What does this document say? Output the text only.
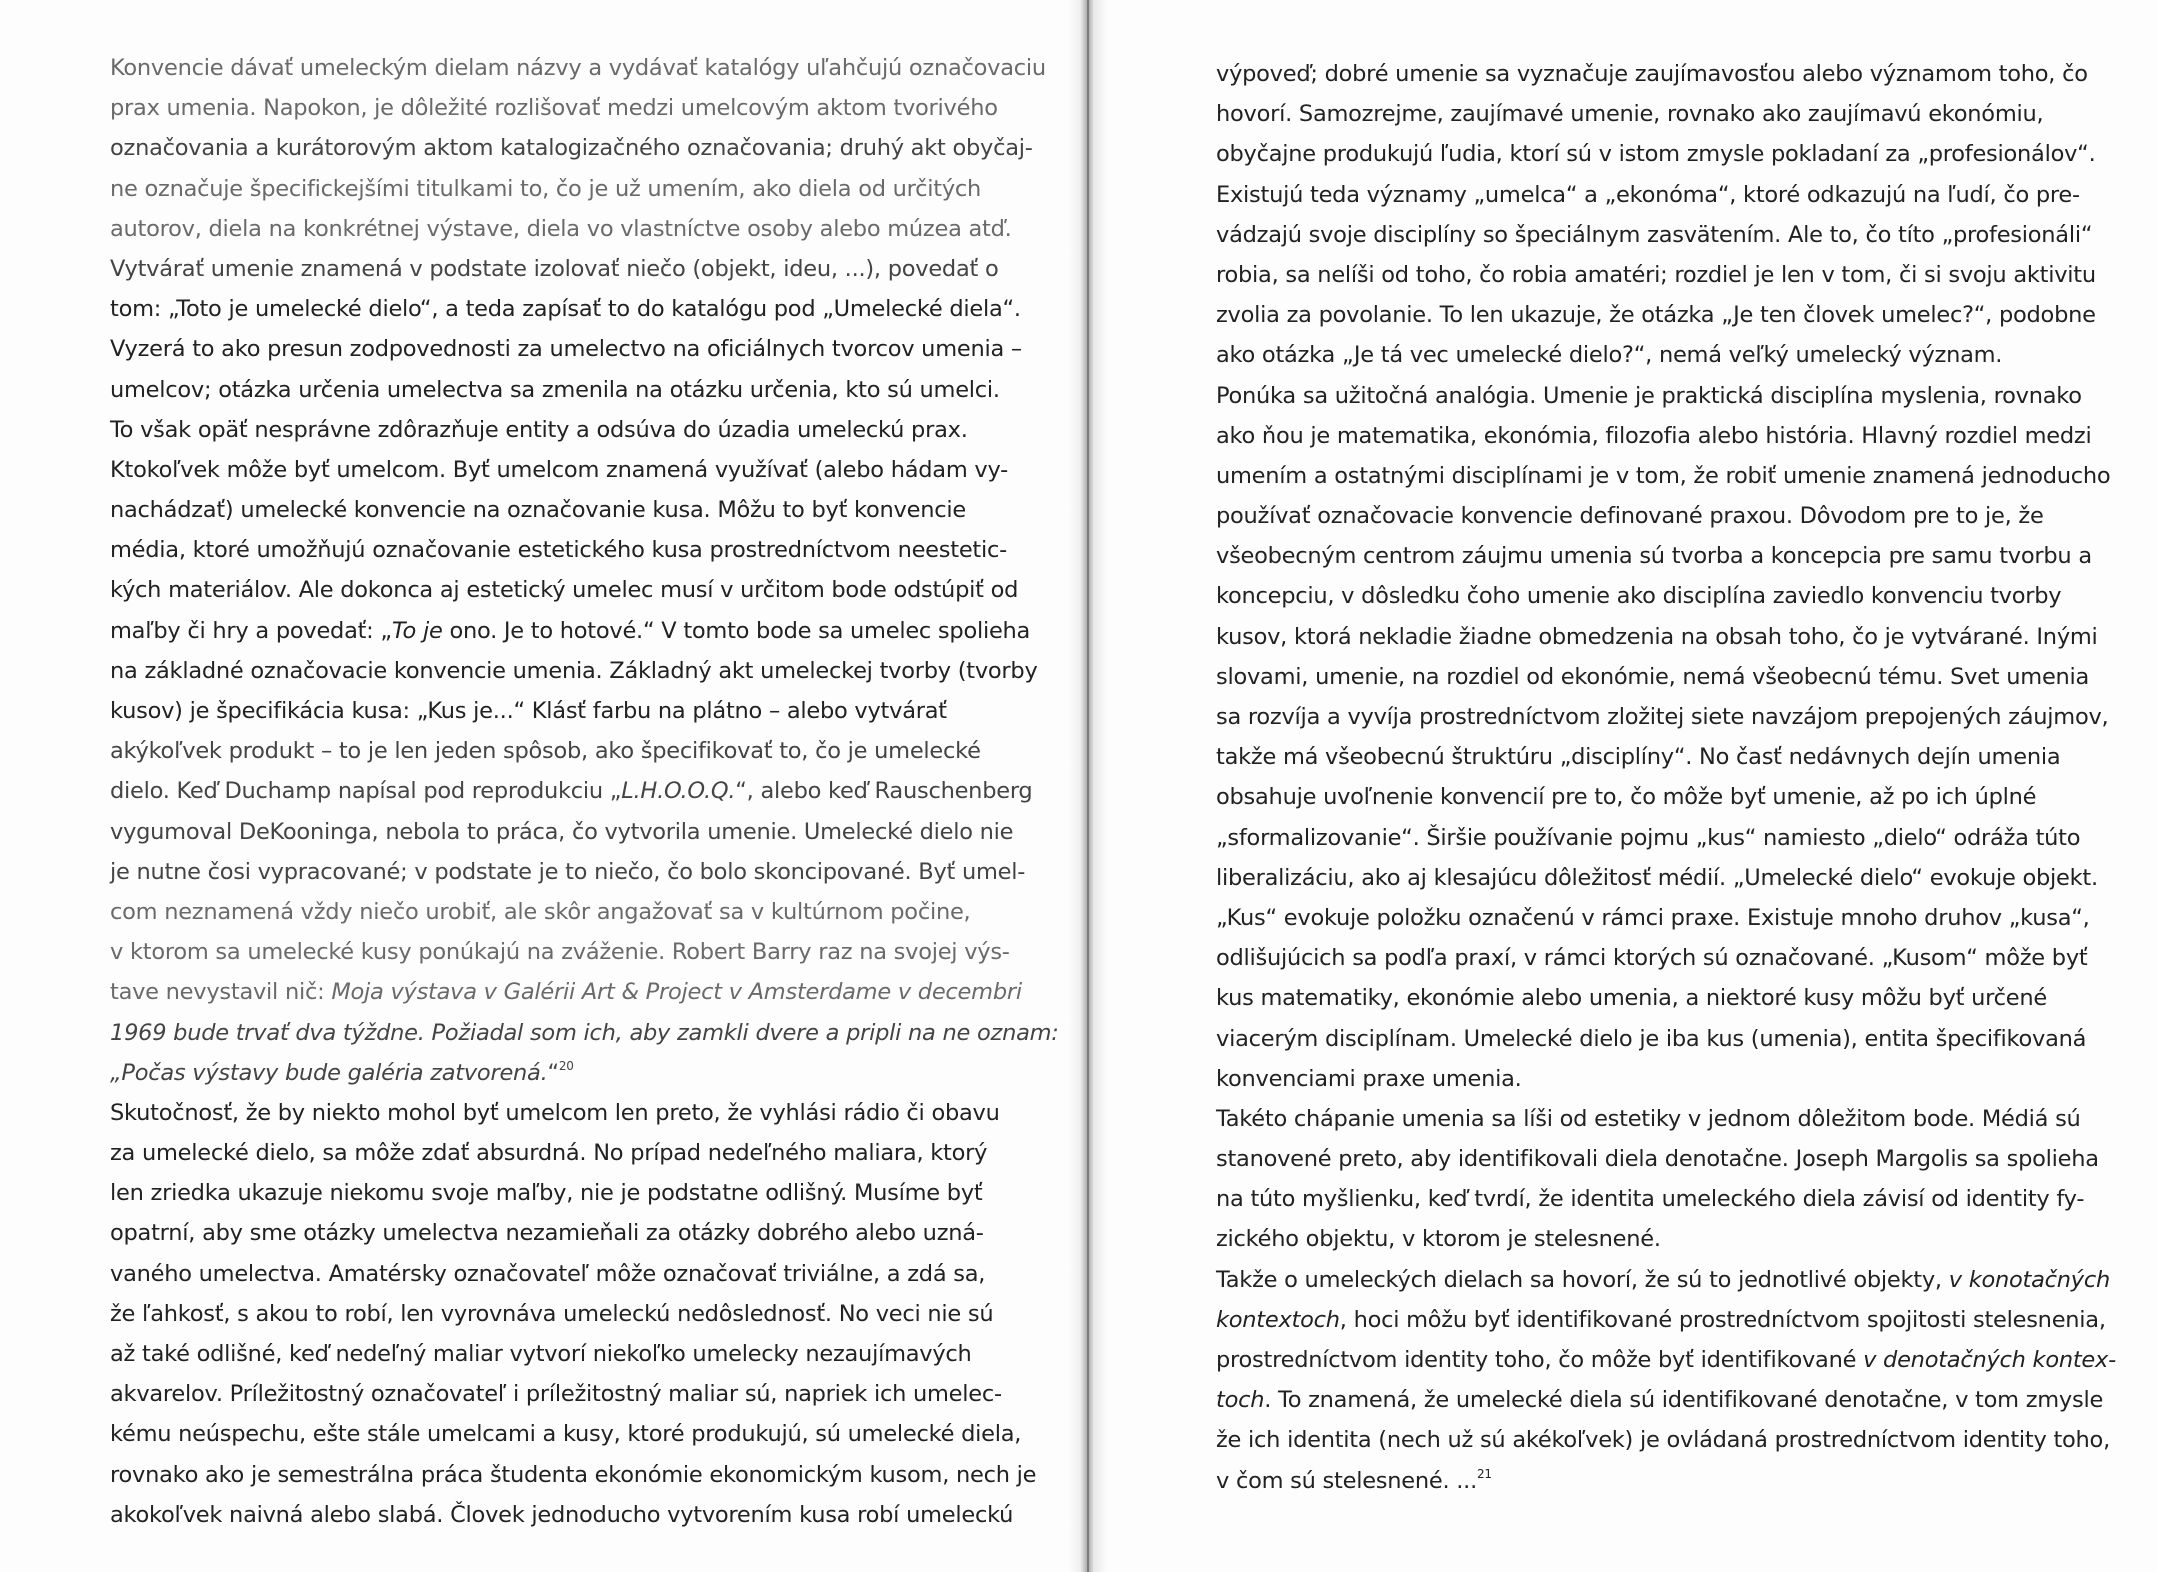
Konvencie dávať umeleckým dielam názvy a vydávať katalógy uľahčujú označovaciu
prax umenia. Napokon, je dôležité rozlišovať medzi umelcovým aktom tvorivého
označovania a kurátorovým aktom katalogizačného označovania; druhý akt obyčaj-
ne označuje špecifickejšími titulkami to, čo je už umením, ako diela od určitých
autorov, diela na konkrétnej výstave, diela vo vlastníctve osoby alebo múzea atď.
Vytvárať umenie znamená v podstate izolovať niečo (objekt, ideu, ...), povedať o
tom: „Toto je umelecké dielo“, a teda zapísať to do katalógu pod „Umelecké diela“.
Vyzerá to ako presun zodpovednosti za umelectvo na oficiálnych tvorcov umenia –
umelcov; otázka určenia umelectva sa zmenila na otázku určenia, kto sú umelci.
To však opäť nesprávne zdôrazňuje entity a odsúva do úzadia umeleckú prax.
Ktokoľvek môže byť umelcom. Byť umelcom znamená využívať (alebo hádam vy-
nachádzať) umelecké konvencie na označovanie kusa. Môžu to byť konvencie
média, ktoré umožňujú označovanie estetického kusa prostredníctvom neestetic-
kých materiálov. Ale dokonca aj estetický umelec musí v určitom bode odstúpiť od
maľby či hry a povedať: „To je ono. Je to hotové.“ V tomto bode sa umelec spolieha
na základné označovacie konvencie umenia. Základný akt umeleckej tvorby (tvorby
kusov) je špecifikácia kusa: „Kus je...“ Klásť farbu na plátno – alebo vytvárať
akýkoľvek produkt – to je len jeden spôsob, ako špecifikovať to, čo je umelecké
dielo. Keď Duchamp napísal pod reprodukciu „L.H.O.O.Q.“, alebo keď Rauschenberg
vygumoval DeKooninga, nebola to práca, čo vytvorila umenie. Umelecké dielo nie
je nutne čosi vypracované; v podstate je to niečo, čo bolo skoncipované. Byť umel-
com neznamená vždy niečo urobiť, ale skôr angažovať sa v kultúrnom počine,
v ktorom sa umelecké kusy ponúkajú na zváženie. Robert Barry raz na svojej výs-
tave nevystavil nič: Moja výstava v Galérii Art & Project v Amsterdame v decembri
1969 bude trvať dva týždne. Požiadal som ich, aby zamkli dvere a pripli na ne oznam:
„Počas výstavy bude galéria zatvorená.“$^{20}$
Skutočnosť, že by niekto mohol byť umelcom len preto, že vyhlási rádio či obavu
za umelecké dielo, sa môže zdať absurdná. No prípad nedeľného maliara, ktorý
len zriedka ukazuje niekomu svoje maľby, nie je podstatne odlišný. Musíme byť
opatrní, aby sme otázky umelectva nezamieňali za otázky dobrého alebo uzná-
vaného umelectva. Amatérsky označovateľ môže označovať triviálne, a zdá sa,
že ľahkosť, s akou to robí, len vyrovnáva umeleckú nedôslednosť. No veci nie sú
až také odlišné, keď nedeľný maliar vytvorí niekoľko umelecky nezaujímavých
akvarelov. Príležitostný označovateľ i príležitostný maliar sú, napriek ich umelec-
kému neúspechu, ešte stále umelcami a kusy, ktoré produkujú, sú umelecké diela,
rovnako ako je semestrálna práca študenta ekonómie ekonomickým kusom, nech je
akokoľvek naivná alebo slabá. Človek jednoducho vytvorením kusa robí umeleckú
výpoveď; dobré umenie sa vyznačuje zaujímavosťou alebo významom toho, čo
hovorí. Samozrejme, zaujímavé umenie, rovnako ako zaujímavú ekonómiu,
obyčajne produkujú ľudia, ktorí sú v istom zmysle pokladaní za „profesionálov“.
Existujú teda významy „umelca“ a „ekonóma“, ktoré odkazujú na ľudí, čo pre-
vádzajú svoje disciplíny so špeciálnym zasvätením. Ale to, čo títo „profesionáli“
robia, sa nelíši od toho, čo robia amatéri; rozdiel je len v tom, či si svoju aktivitu
zvolia za povolanie. To len ukazuje, že otázka „Je ten človek umelec?“, podobne
ako otázka „Je tá vec umelecké dielo?“, nemá veľký umelecký význam.
Ponúka sa užitočná analógia. Umenie je praktická disciplína myslenia, rovnako
ako ňou je matematika, ekonómia, filozofia alebo história. Hlavný rozdiel medzi
umením a ostatnými disciplínami je v tom, že robiť umenie znamená jednoducho
používať označovacie konvencie definované praxou. Dôvodom pre to je, že
všeobecným centrom záujmu umenia sú tvorba a koncepcia pre samu tvorbu a
koncepciu, v dôsledku čoho umenie ako disciplína zaviedlo konvenciu tvorby
kusov, ktorá nekladie žiadne obmedzenia na obsah toho, čo je vytvárané. Inými
slovami, umenie, na rozdiel od ekonómie, nemá všeobecnú tému. Svet umenia
sa rozvíja a vyvíja prostredníctvom zložitej siete navzájom prepojených záujmov,
takže má všeobecnú štruktúru „disciplíny“. No časť nedávnych dejín umenia
obsahuje uvoľnenie konvencií pre to, čo môže byť umenie, až po ich úplné
„sformalizovanie“. Širšie používanie pojmu „kus“ namiesto „dielo“ odráža túto
liberalizáciu, ako aj klesajúcu dôležitosť médií. „Umelecké dielo“ evokuje objekt.
„Kus“ evokuje položku označenú v rámci praxe. Existuje mnoho druhov „kusa“,
odlišujúcich sa podľa praxí, v rámci ktorých sú označované. „Kusom“ môže byť
kus matematiky, ekonómie alebo umenia, a niektoré kusy môžu byť určené
viacerým disciplínam. Umelecké dielo je iba kus (umenia), entita špecifikovaná
konvenciami praxe umenia.
Takéto chápanie umenia sa líši od estetiky v jednom dôležitom bode. Médiá sú
stanovené preto, aby identifikovali diela denotačne. Joseph Margolis sa spolieha
na túto myšlienku, keď tvrdí, že identita umeleckého diela závisí od identity fy-
zického objektu, v ktorom je stelesnené.
Takže o umeleckých dielach sa hovorí, že sú to jednotlivé objekty, v konotačných
kontextoch, hoci môžu byť identifikované prostredníctvom spojitosti stelesnenia,
prostredníctvom identity toho, čo môže byť identifikované v denotačných kontex-
toch. To znamená, že umelecké diela sú identifikované denotačne, v tom zmysle
že ich identita (nech už sú akékoľvek) je ovládaná prostredníctvom identity toho,
v čom sú stelesnené. ...$^{21}$
